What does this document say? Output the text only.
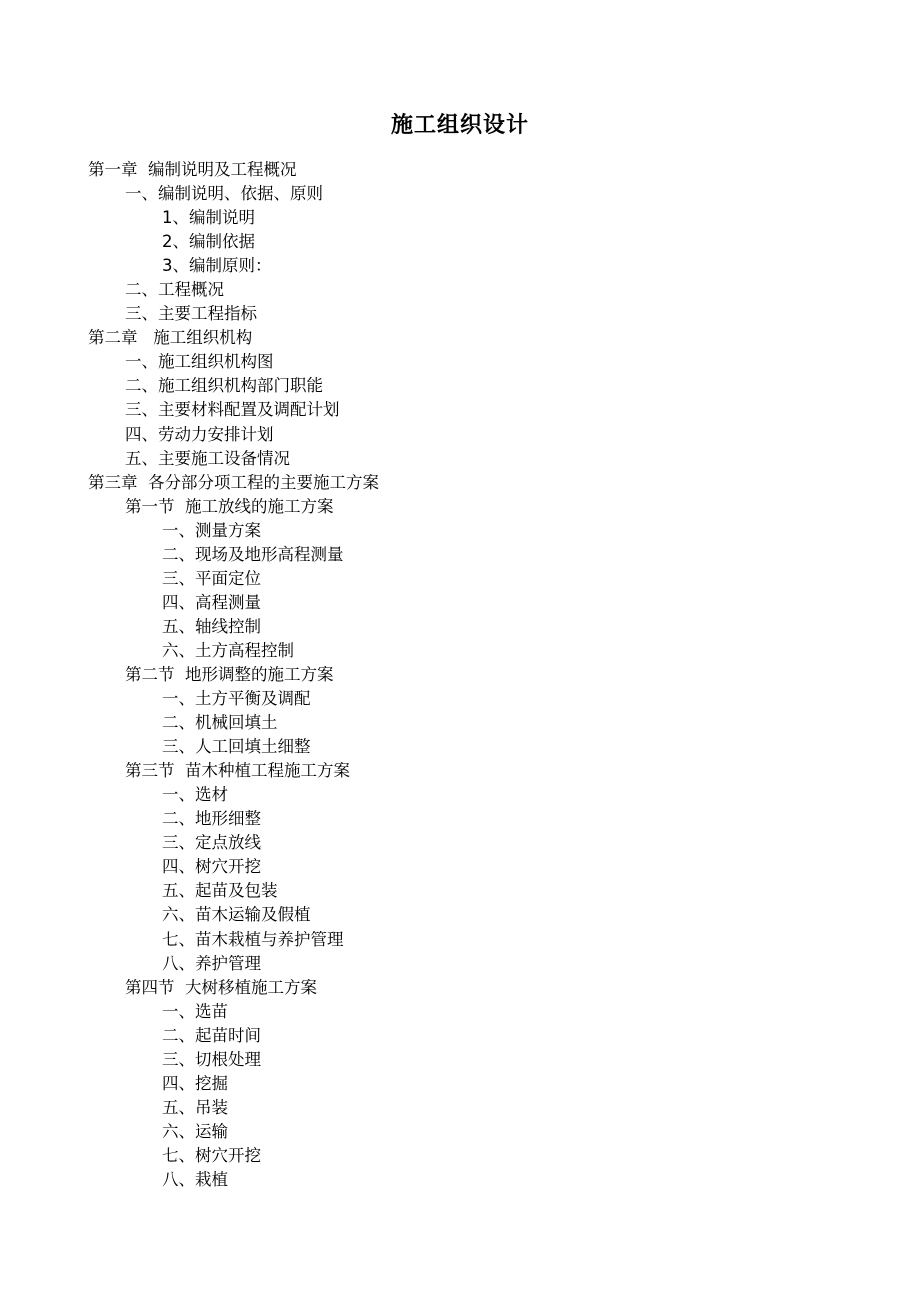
施工组织设计
第一章  编制说明及工程概况
一、编制说明、依据、原则
1、编制说明
2、编制依据
3、编制原则：
二、工程概况
三、主要工程指标
第二章   施工组织机构
一、施工组织机构图
二、施工组织机构部门职能
三、主要材料配置及调配计划
四、劳动力安排计划
五、主要施工设备情况
第三章  各分部分项工程的主要施工方案
第一节  施工放线的施工方案
一、测量方案
二、现场及地形高程测量
三、平面定位
四、高程测量
五、轴线控制
六、土方高程控制
第二节  地形调整的施工方案
一、土方平衡及调配
二、机械回填土
三、人工回填土细整
第三节  苗木种植工程施工方案
一、选材
二、地形细整
三、定点放线
四、树穴开挖
五、起苗及包装
六、苗木运输及假植
七、苗木栽植与养护管理
八、养护管理
第四节  大树移植施工方案
一、选苗
二、起苗时间
三、切根处理
四、挖掘
五、吊装
六、运输
七、树穴开挖
八、栽植
